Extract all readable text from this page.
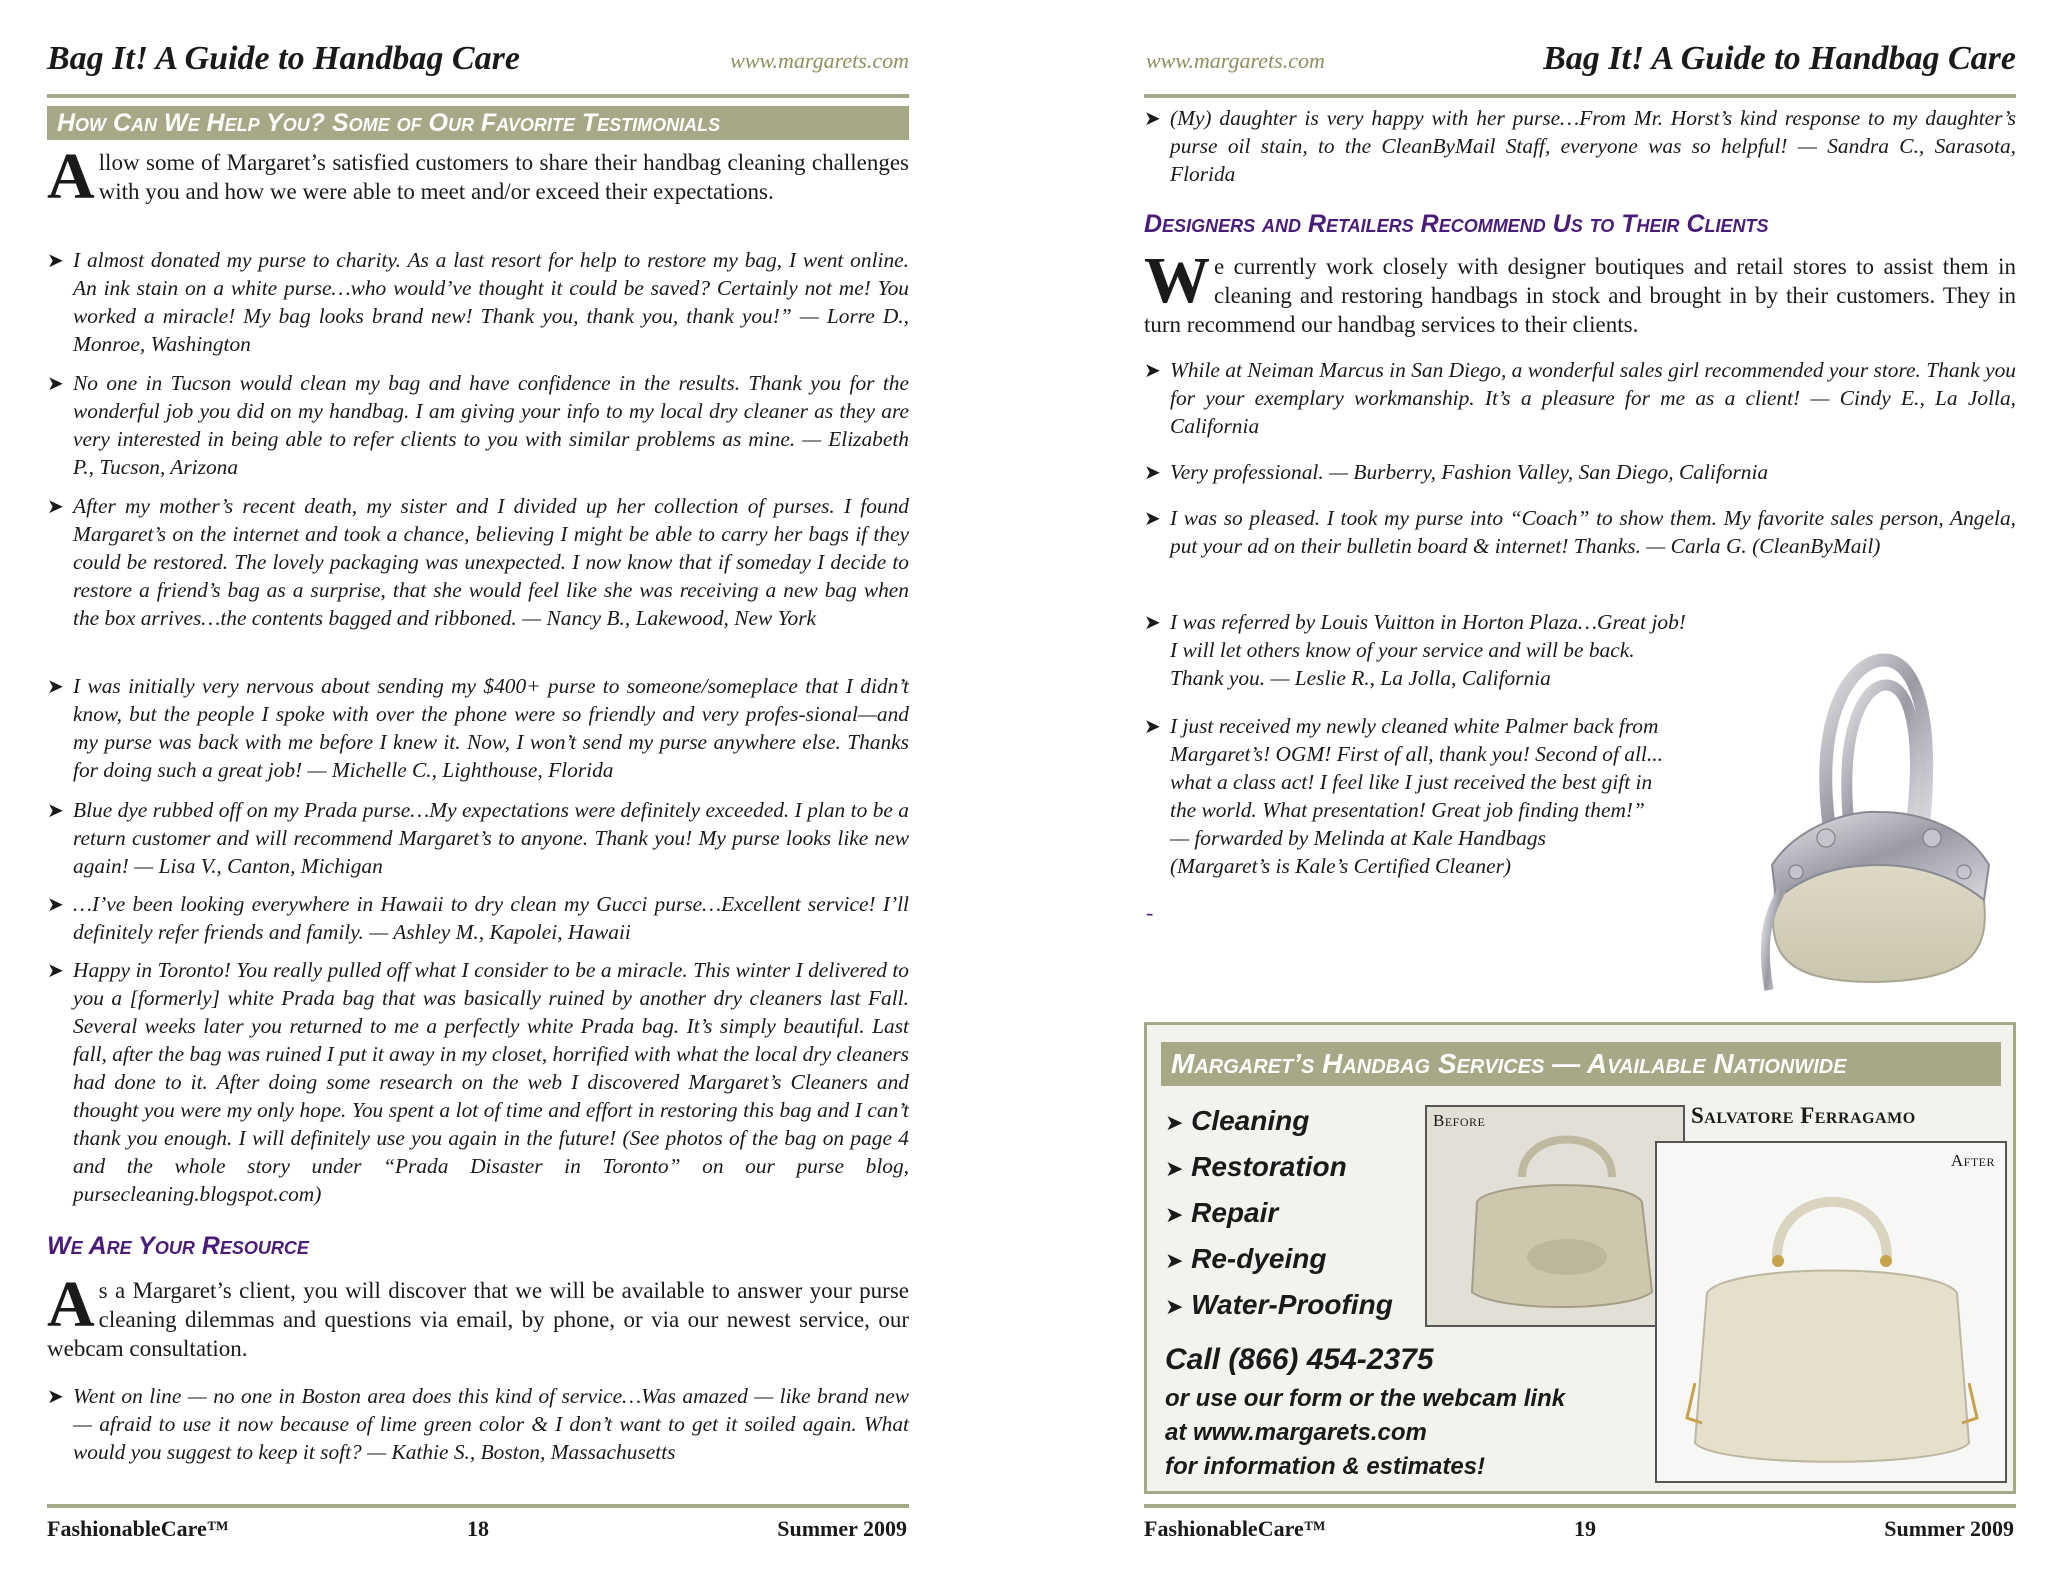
Bag It! A Guide to Handbag Care	www.margarets.com
How Can We Help You? Some of Our Favorite Testimonials
Allow some of Margaret’s satisfied customers to share their handbag cleaning challenges with you and how we were able to meet and/or exceed their expectations.
➤ I almost donated my purse to charity. As a last resort for help to restore my bag, I went online. An ink stain on a white purse…who would’ve thought it could be saved? Certainly not me! You worked a miracle! My bag looks brand new! Thank you, thank you, thank you!” — Lorre D., Monroe, Washington
➤ No one in Tucson would clean my bag and have confidence in the results. Thank you for the wonderful job you did on my handbag. I am giving your info to my local dry cleaner as they are very interested in being able to refer clients to you with similar problems as mine. — Elizabeth P., Tucson, Arizona
➤ After my mother’s recent death, my sister and I divided up her collection of purses. I found Margaret’s on the internet and took a chance, believing I might be able to carry her bags if they could be restored. The lovely packaging was unexpected. I now know that if someday I decide to restore a friend’s bag as a surprise, that she would feel like she was receiving a new bag when the box arrives…the contents bagged and ribboned. — Nancy B., Lakewood, New York
➤ I was initially very nervous about sending my $400+ purse to someone/someplace that I didn’t know, but the people I spoke with over the phone were so friendly and very profes-sional—and my purse was back with me before I knew it. Now, I won’t send my purse anywhere else. Thanks for doing such a great job! — Michelle C., Lighthouse, Florida
➤ Blue dye rubbed off on my Prada purse…My expectations were definitely exceeded. I plan to be a return customer and will recommend Margaret’s to anyone. Thank you! My purse looks like new again! — Lisa V., Canton, Michigan
➤ …I’ve been looking everywhere in Hawaii to dry clean my Gucci purse…Excellent service! I’ll definitely refer friends and family. — Ashley M., Kapolei, Hawaii
➤ Happy in Toronto! You really pulled off what I consider to be a miracle. This winter I delivered to you a [formerly] white Prada bag that was basically ruined by another dry cleaners last Fall. Several weeks later you returned to me a perfectly white Prada bag. It’s simply beautiful. Last fall, after the bag was ruined I put it away in my closet, horrified with what the local dry cleaners had done to it. After doing some research on the web I discovered Margaret’s Cleaners and thought you were my only hope. You spent a lot of time and effort in restoring this bag and I can’t thank you enough. I will definitely use you again in the future! (See photos of the bag on page 4 and the whole story under “Prada Disaster in Toronto” on our purse blog, pursecleaning.blogspot.com)
We Are Your Resource
As a Margaret’s client, you will discover that we will be available to answer your purse cleaning dilemmas and questions via email, by phone, or via our newest service, our webcam consultation.
➤ Went on line — no one in Boston area does this kind of service…Was amazed — like brand new — afraid to use it now because of lime green color & I don’t want to get it soiled again. What would you suggest to keep it soft? — Kathie S., Boston, Massachusetts
FashionableCare™	18	Summer 2009
www.margarets.com	Bag It! A Guide to Handbag Care
➤ (My) daughter is very happy with her purse…From Mr. Horst’s kind response to my daughter’s purse oil stain, to the CleanByMail Staff, everyone was so helpful! — Sandra C., Sarasota, Florida
Designers and Retailers Recommend Us to Their Clients
We currently work closely with designer boutiques and retail stores to assist them in cleaning and restoring handbags in stock and brought in by their customers. They in turn recommend our handbag services to their clients.
➤ While at Neiman Marcus in San Diego, a wonderful sales girl recommended your store. Thank you for your exemplary workmanship. It’s a pleasure for me as a client! — Cindy E., La Jolla, California
➤ Very professional. — Burberry, Fashion Valley, San Diego, California
➤ I was so pleased. I took my purse into “Coach” to show them. My favorite sales person, Angela, put your ad on their bulletin board & internet! Thanks. — Carla G. (CleanByMail)
➤ I was referred by Louis Vuitton in Horton Plaza…Great job!
I will let others know of your service and will be back.
Thank you. — Leslie R., La Jolla, California
➤ I just received my newly cleaned white Palmer back from
Margaret’s! OGM! First of all, thank you! Second of all...
what a class act! I feel like I just received the best gift in
the world. What presentation! Great job finding them!”
— forwarded by Melinda at Kale Handbags
(Margaret’s is Kale’s Certified Cleaner)
-
Margaret’s Handbag Services — Available Nationwide
➤ Cleaning
➤ Restoration
➤ Repair
➤ Re-dyeing
➤ Water-Proofing
Call (866) 454-2375
or use our form or the webcam link
at www.margarets.com
for information & estimates!
Before	Salvatore Ferragamo
After
FashionableCare™	19	Summer 2009
